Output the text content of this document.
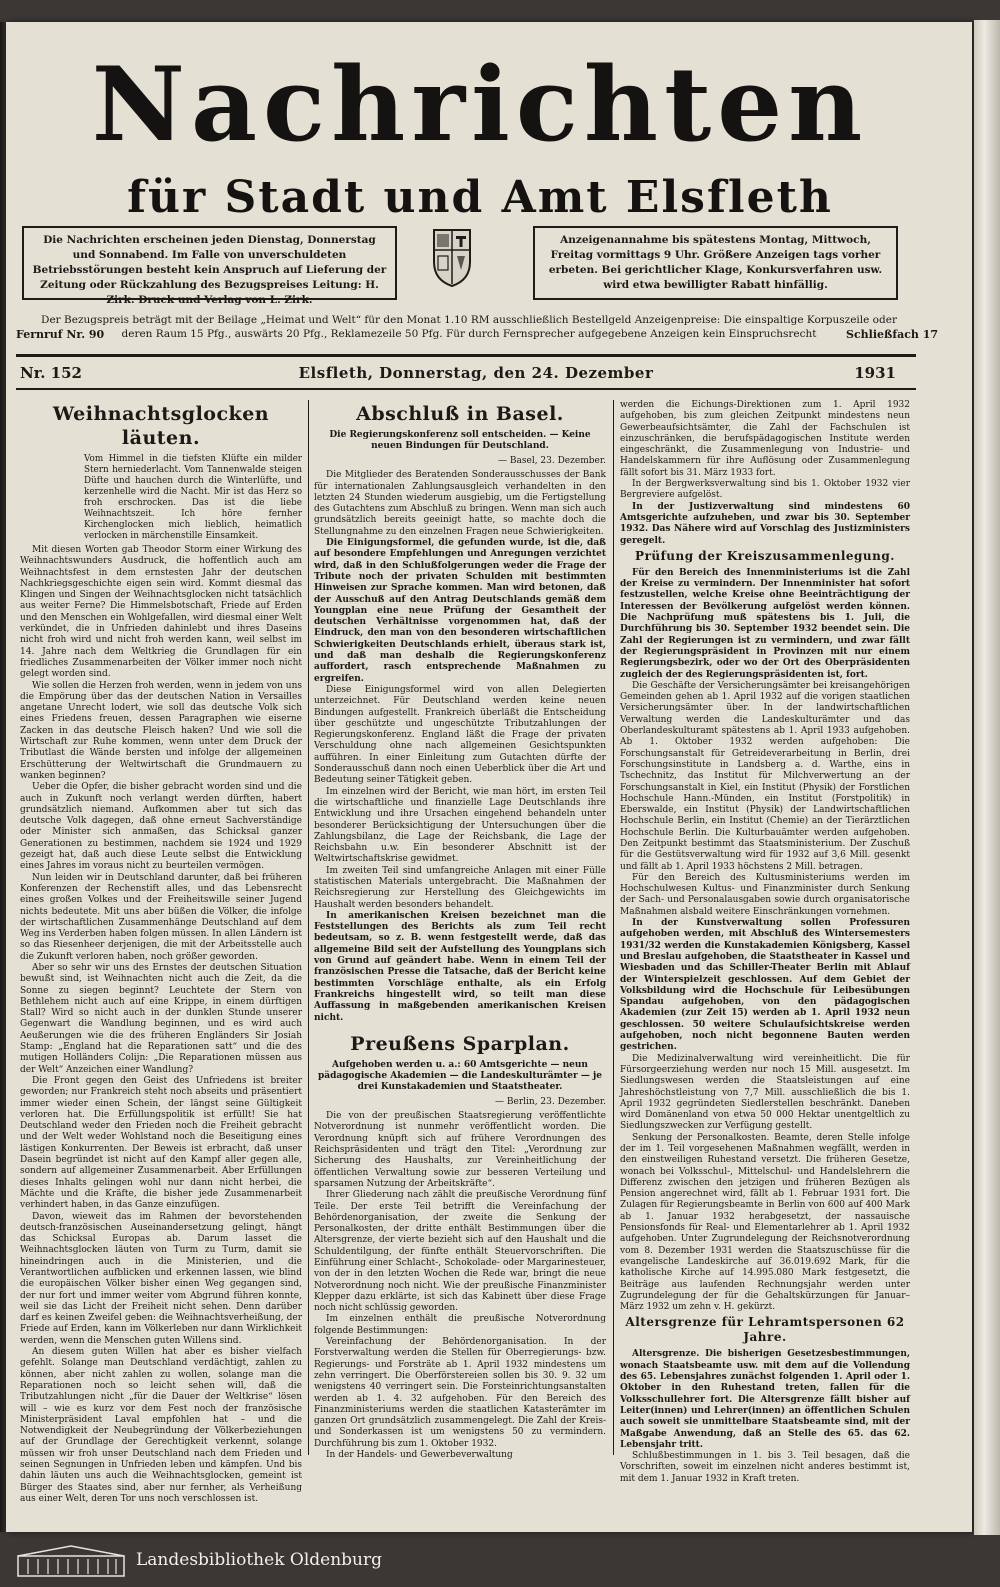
Nachrichten
für Stadt und Amt Elsfleth
Die Nachrichten erscheinen jeden Dienstag, Donnerstag und Sonnabend. Im Falle von unverschuldeten Betriebsstörungen besteht kein Anspruch auf Lieferung der Zeitung oder Rückzahlung des Bezugspreises Leitung: H. Zirk. Druck und Verlag von L. Zirk.
Anzeigenannahme bis spätestens Montag, Mittwoch, Freitag vormittags 9 Uhr. Größere Anzeigen tags vorher erbeten. Bei gerichtlicher Klage, Konkursverfahren usw. wird etwa bewilligter Rabatt hinfällig.
Der Bezugspreis beträgt mit der Beilage „Heimat und Welt“ für den Monat 1.10 RM ausschließlich Bestellgeld Anzeigenpreise: Die einspaltige Korpuszeile oder deren Raum 15 Pfg., auswärts 20 Pfg., Reklamezeile 50 Pfg. Für durch Fernsprecher aufgegebene Anzeigen kein Einspruchsrecht
Fernruf Nr. 90	Schließfach 17
Nr. 152	Elsfleth, Donnerstag, den 24. Dezember	1931
Weihnachtsglocken läuten.
Vom Himmel in die tiefsten Klüfte ein milder Stern herniederlacht. Vom Tannenwalde steigen Düfte und hauchen durch die Winterlüfte, und kerzenhelle wird die Nacht. Mir ist das Herz so froh erschrocken. Das ist die liebe Weihnachtszeit. Ich höre fernher Kirchenglocken mich lieblich, heimatlich verlocken in märchenstille Einsamkeit.
Mit diesen Worten gab Theodor Storm einer Wirkung des Weihnachtswunders Ausdruck, die hoffentlich auch am Weihnachtsfest in dem ernstesten Jahr der deutschen Nachkriegsgeschichte eigen sein wird. Kommt diesmal das Klingen und Singen der Weihnachtsglocken nicht tatsächlich aus weiter Ferne? Die Himmelsbotschaft, Friede auf Erden und den Menschen ein Wohlgefallen, wird diesmal einer Welt verkündet, die in Unfrieden dahinlebt und ihres Daseins nicht froh wird und nicht froh werden kann, weil selbst im 14. Jahre nach dem Weltkrieg die Grundlagen für ein friedliches Zusammenarbeiten der Völker immer noch nicht gelegt worden sind.
Wie sollen die Herzen froh werden, wenn in jedem von uns die Empörung über das der deutschen Nation in Versailles angetane Unrecht lodert, wie soll das deutsche Volk sich eines Friedens freuen, dessen Paragraphen wie eiserne Zacken in das deutsche Fleisch haken? Und wie soll die Wirtschaft zur Ruhe kommen, wenn unter dem Druck der Tributlast die Wände bersten und infolge der allgemeinen Erschütterung der Weltwirtschaft die Grundmauern zu wanken beginnen?
Ueber die Opfer, die bisher gebracht worden sind und die auch in Zukunft noch verlangt werden dürften, habert grundsätzlich niemand. Aufkommen aber tut sich das deutsche Volk dagegen, daß ohne erneut Sachverständige oder Minister sich anmaßen, das Schicksal ganzer Generationen zu bestimmen, nachdem sie 1924 und 1929 gezeigt hat, daß auch diese Leute selbst die Entwicklung eines Jahres im voraus nicht zu beurteilen vermögen.
Nun leiden wir in Deutschland darunter, daß bei früheren Konferenzen der Rechenstift alles, und das Lebensrecht eines großen Volkes und der Freiheitswille seiner Jugend nichts bedeutete. Mit uns aber büßen die Völker, die infolge der wirtschaftlichen Zusammenhänge Deutschland auf dem Weg ins Verderben haben folgen müssen. In allen Ländern ist so das Riesenheer derjenigen, die mit der Arbeitsstelle auch die Zukunft verloren haben, noch größer geworden.
Aber so sehr wir uns des Ernstes der deutschen Situation bewußt sind, ist Weihnachten nicht auch die Zeit, da die Sonne zu siegen beginnt? Leuchtete der Stern von Bethlehem nicht auch auf eine Krippe, in einem dürftigen Stall? Wird so nicht auch in der dunklen Stunde unserer Gegenwart die Wandlung beginnen, und es wird auch Aeußerungen wie die des früheren Engländers Sir Josiah Stamp: „England hat die Reparationen satt“ und die des mutigen Holländers Colijn: „Die Reparationen müssen aus der Welt“ Anzeichen einer Wandlung?
Die Front gegen den Geist des Unfriedens ist breiter geworden; nur Frankreich steht noch abseits und präsentiert immer wieder einen Schein, der längst seine Gültigkeit verloren hat. Die Erfüllungspolitik ist erfüllt! Sie hat Deutschland weder den Frieden noch die Freiheit gebracht und der Welt weder Wohlstand noch die Beseitigung eines lästigen Konkurrenten. Der Beweis ist erbracht, daß unser Dasein begründet ist nicht auf den Kampf aller gegen alle, sondern auf allgemeiner Zusammenarbeit. Aber Erfüllungen dieses Inhalts gelingen wohl nur dann nicht herbei, die Mächte und die Kräfte, die bisher jede Zusammenarbeit verhindert haben, in das Ganze einzufügen.
Davon, wieweit das im Rahmen der bevorstehenden deutsch-französischen Auseinandersetzung gelingt, hängt das Schicksal Europas ab. Darum lasset die Weihnachtsglocken läuten von Turm zu Turm, damit sie hineindringen auch in die Ministerien, und die Verantwortlichen aufblicken und erkennen lassen, wie blind die europäischen Völker bisher einen Weg gegangen sind, der nur fort und immer weiter vom Abgrund führen konnte, weil sie das Licht der Freiheit nicht sehen. Denn darüber darf es keinen Zweifel geben: die Weihnachtsverheißung, der Friede auf Erden, kann im Völkerleben nur dann Wirklichkeit werden, wenn die Menschen guten Willens sind.
An diesem guten Willen hat aber es bisher vielfach gefehlt. Solange man Deutschland verdächtigt, zahlen zu können, aber nicht zahlen zu wollen, solange man die Reparationen noch so leicht sehen will, daß die Tributzahlungen nicht „für die Dauer der Weltkrise“ lösen will – wie es kurz vor dem Fest noch der französische Ministerpräsident Laval empfohlen hat – und die Notwendigkeit der Neubegründung der Völkerbeziehungen auf der Grundlage der Gerechtigkeit verkennt, solange müssen wir froh unser Deutschland nach dem Frieden und seinen Segnungen in Unfrieden leben und kämpfen. Und bis dahin läuten uns auch die Weihnachtsglocken, gemeint ist Bürger des Staates sind, aber nur fernher, als Verheißung aus einer Welt, deren Tor uns noch verschlossen ist.
Abschluß in Basel.
Die Regierungskonferenz soll entscheiden. — Keine neuen Bindungen für Deutschland.
— Basel, 23. Dezember.
Die Mitglieder des Beratenden Sonderausschusses der Bank für internationalen Zahlungsausgleich verhandelten in den letzten 24 Stunden wiederum ausgiebig, um die Fertigstellung des Gutachtens zum Abschluß zu bringen. Wenn man sich auch grundsätzlich bereits geeinigt hatte, so machte doch die Stellungnahme zu den einzelnen Fragen neue Schwierigkeiten.
Die Einigungsformel, die gefunden wurde, ist die, daß auf besondere Empfehlungen und Anregungen verzichtet wird, daß in den Schlußfolgerungen weder die Frage der Tribute noch der privaten Schulden mit bestimmten Hinweisen zur Sprache kommen. Man wird betonen, daß der Ausschuß auf den Antrag Deutschlands gemäß dem Youngplan eine neue Prüfung der Gesamtheit der deutschen Verhältnisse vorgenommen hat, daß der Eindruck, den man von den besonderen wirtschaftlichen Schwierigkeiten Deutschlands erhielt, überaus stark ist, und daß man deshalb die Regierungskonferenz auffordert, rasch entsprechende Maßnahmen zu ergreifen.
Diese Einigungsformel wird von allen Delegierten unterzeichnet. Für Deutschland werden keine neuen Bindungen aufgestellt. Frankreich überläßt die Entscheidung über geschützte und ungeschützte Tributzahlungen der Regierungskonferenz. England läßt die Frage der privaten Verschuldung ohne nach allgemeinen Gesichtspunkten aufführen. In einer Einleitung zum Gutachten dürfte der Sonderausschuß dann noch einen Ueberblick über die Art und Bedeutung seiner Tätigkeit geben.
Im einzelnen wird der Bericht, wie man hört, im ersten Teil die wirtschaftliche und finanzielle Lage Deutschlands ihre Entwicklung und ihre Ursachen eingehend behandeln unter besonderer Berücksichtigung der Untersuchungen über die Zahlungsbilanz, die Lage der Reichsbank, die Lage der Reichsbahn u.w. Ein besonderer Abschnitt ist der Weltwirtschaftskrise gewidmet.
Im zweiten Teil sind umfangreiche Anlagen mit einer Fülle statistischen Materials untergebracht. Die Maßnahmen der Reichsregierung zur Herstellung des Gleichgewichts im Haushalt werden besonders behandelt.
In amerikanischen Kreisen bezeichnet man die Feststellungen des Berichts als zum Teil recht bedeutsam, so z. B. wenn festgestellt werde, daß das allgemeine Bild seit der Aufstellung des Youngplans sich von Grund auf geändert habe. Wenn in einem Teil der französischen Presse die Tatsache, daß der Bericht keine bestimmten Vorschläge enthalte, als ein Erfolg Frankreichs hingestellt wird, so teilt man diese Auffassung in maßgebenden amerikanischen Kreisen nicht.
Preußens Sparplan.
Aufgehoben werden u. a.: 60 Amtsgerichte — neun pädagogische Akademien — die Landeskulturämter — je drei Kunstakademien und Staatstheater.
— Berlin, 23. Dezember.
Die von der preußischen Staatsregierung veröffentlichte Notverordnung ist nunmehr veröffentlicht worden. Die Verordnung knüpft sich auf frühere Verordnungen des Reichspräsidenten und trägt den Titel: „Verordnung zur Sicherung des Haushalts, zur Vereinheitlichung der öffentlichen Verwaltung sowie zur besseren Verteilung und sparsamen Nutzung der Arbeitskräfte“.
Ihrer Gliederung nach zählt die preußische Verordnung fünf Teile. Der erste Teil betrifft die Vereinfachung der Behördenorganisation, der zweite die Senkung der Personalkosten, der dritte enthält Bestimmungen über die Altersgrenze, der vierte bezieht sich auf den Haushalt und die Schuldentilgung, der fünfte enthält Steuervorschriften. Die Einführung einer Schlacht-, Schokolade- oder Margarinesteuer, von der in den letzten Wochen die Rede war, bringt die neue Notverordnung noch nicht. Wie der preußische Finanzminister Klepper dazu erklärte, ist sich das Kabinett über diese Frage noch nicht schlüssig geworden.
Im einzelnen enthält die preußische Notverordnung folgende Bestimmungen:
Vereinfachung der Behördenorganisation. In der Forstverwaltung werden die Stellen für Oberregierungs- bzw. Regierungs- und Forsträte ab 1. April 1932 mindestens um zehn verringert. Die Oberförstereien sollen bis 30. 9. 32 um wenigstens 40 verringert sein. Die Forsteinrichtungsanstalten werden ab 1. 4. 32 aufgehoben. Für den Bereich des Finanzministeriums werden die staatlichen Katasterämter im ganzen Ort grundsätzlich zusammengelegt. Die Zahl der Kreis- und Sonderkassen ist um wenigstens 50 zu vermindern. Durchführung bis zum 1. Oktober 1932.
In der Handels- und Gewerbeverwaltung
werden die Eichungs-Direktionen zum 1. April 1932 aufgehoben, bis zum gleichen Zeitpunkt mindestens neun Gewerbeaufsichtsämter, die Zahl der Fachschulen ist einzuschränken, die berufspädagogischen Institute werden eingeschränkt, die Zusammenlegung von Industrie- und Handelskammern für ihre Auflösung oder Zusammenlegung fällt sofort bis 31. März 1933 fort.
In der Bergwerksverwaltung sind bis 1. Oktober 1932 vier Bergreviere aufgelöst.
In der Justizverwaltung sind mindestens 60 Amtsgerichte aufzuheben, und zwar bis 30. September 1932. Das Nähere wird auf Vorschlag des Justizministers geregelt.
Prüfung der Kreiszusammenlegung.
Für den Bereich des Innenministeriums ist die Zahl der Kreise zu vermindern. Der Innenminister hat sofort festzustellen, welche Kreise ohne Beeinträchtigung der Interessen der Bevölkerung aufgelöst werden können. Die Nachprüfung muß spätestens bis 1. Juli, die Durchführung bis 30. September 1932 beendet sein. Die Zahl der Regierungen ist zu vermindern, und zwar fällt der Regierungspräsident in Provinzen mit nur einem Regierungsbezirk, oder wo der Ort des Oberpräsidenten zugleich der des Regierungspräsidenten ist, fort.
Die Geschäfte der Versicherungsämter bei kreisangehörigen Gemeinden gehen ab 1. April 1932 auf die vorigen staatlichen Versicherungsämter über. In der landwirtschaftlichen Verwaltung werden die Landeskulturämter und das Oberlandeskulturamt spätestens ab 1. April 1933 aufgehoben. Ab 1. Oktober 1932 werden aufgehoben: Die Forschungsanstalt für Getreideverarbeitung in Berlin, drei Forschungsinstitute in Landsberg a. d. Warthe, eins in Tschechnitz, das Institut für Milchverwertung an der Forschungsanstalt in Kiel, ein Institut (Physik) der Forstlichen Hochschule Hann.-Münden, ein Institut (Forstpolitik) in Eberswalde, ein Institut (Physik) der Landwirtschaftlichen Hochschule Berlin, ein Institut (Chemie) an der Tierärztlichen Hochschule Berlin. Die Kulturbauämter werden aufgehoben. Den Zeitpunkt bestimmt das Staatsministerium. Der Zuschuß für die Gestütsverwaltung wird für 1932 auf 3,6 Mill. gesenkt und fällt ab 1. April 1933 höchstens 2 Mill. betragen.
Für den Bereich des Kultusministeriums werden im Hochschulwesen Kultus- und Finanzminister durch Senkung der Sach- und Personalausgaben sowie durch organisatorische Maßnahmen alsbald weitere Einschränkungen vornehmen.
In der Kunstverwaltung sollen Professuren aufgehoben werden, mit Abschluß des Wintersemesters 1931/32 werden die Kunstakademien Königsberg, Kassel und Breslau aufgehoben, die Staatstheater in Kassel und Wiesbaden und das Schiller-Theater Berlin mit Ablauf der Winterspielzeit geschlossen. Auf dem Gebiet der Volksbildung wird die Hochschule für Leibesübungen Spandau aufgehoben, von den pädagogischen Akademien (zur Zeit 15) werden ab 1. April 1932 neun geschlossen. 50 weitere Schulaufsichtskreise werden aufgehoben, noch nicht begonnene Bauten werden gestrichen.
Die Medizinalverwaltung wird vereinheitlicht. Die für Fürsorgeerziehung werden nur noch 15 Mill. ausgesetzt. Im Siedlungswesen werden die Staatsleistungen auf eine Jahreshöchstleistung von 7,7 Mill. ausschließlich die bis 1. April 1932 gegründeten Siedlerstellen beschränkt. Daneben wird Domänenland von etwa 50 000 Hektar unentgeltlich zu Siedlungszwecken zur Verfügung gestellt.
Senkung der Personalkosten. Beamte, deren Stelle infolge der im 1. Teil vorgesehenen Maßnahmen wegfällt, werden in den einstweiligen Ruhestand versetzt. Die früheren Gesetze, wonach bei Volksschul-, Mittelschul- und Handelslehrern die Differenz zwischen den jetzigen und früheren Bezügen als Pension angerechnet wird, fällt ab 1. Februar 1931 fort. Die Zulagen für Regierungsbeamte in Berlin von 600 auf 400 Mark ab 1. Januar 1932 herabgesetzt, der nassauische Pensionsfonds für Real- und Elementarlehrer ab 1. April 1932 aufgehoben. Unter Zugrundelegung der Reichsnotverordnung vom 8. Dezember 1931 werden die Staatszuschüsse für die evangelische Landeskirche auf 36.019.692 Mark, für die katholische Kirche auf 14.995.080 Mark festgesetzt, die Beiträge aus laufenden Rechnungsjahr werden unter Zugrundelegung der für die Gehaltskürzungen für Januar–März 1932 um zehn v. H. gekürzt.
Altersgrenze für Lehramtspersonen 62 Jahre.
Altersgrenze. Die bisherigen Gesetzesbestimmungen, wonach Staatsbeamte usw. mit dem auf die Vollendung des 65. Lebensjahres zunächst folgenden 1. April oder 1. Oktober in den Ruhestand treten, fallen für die Volksschullehrer fort. Die Altersgrenze fällt bisher auf Leiter(innen) und Lehrer(innen) an öffentlichen Schulen auch soweit sie unmittelbare Staatsbeamte sind, mit der Maßgabe Anwendung, daß an Stelle des 65. das 62. Lebensjahr tritt.
Schlußbestimmungen in 1. bis 3. Teil besagen, daß die Vorschriften, soweit im einzelnen nicht anderes bestimmt ist, mit dem 1. Januar 1932 in Kraft treten.
Landesbibliothek Oldenburg
